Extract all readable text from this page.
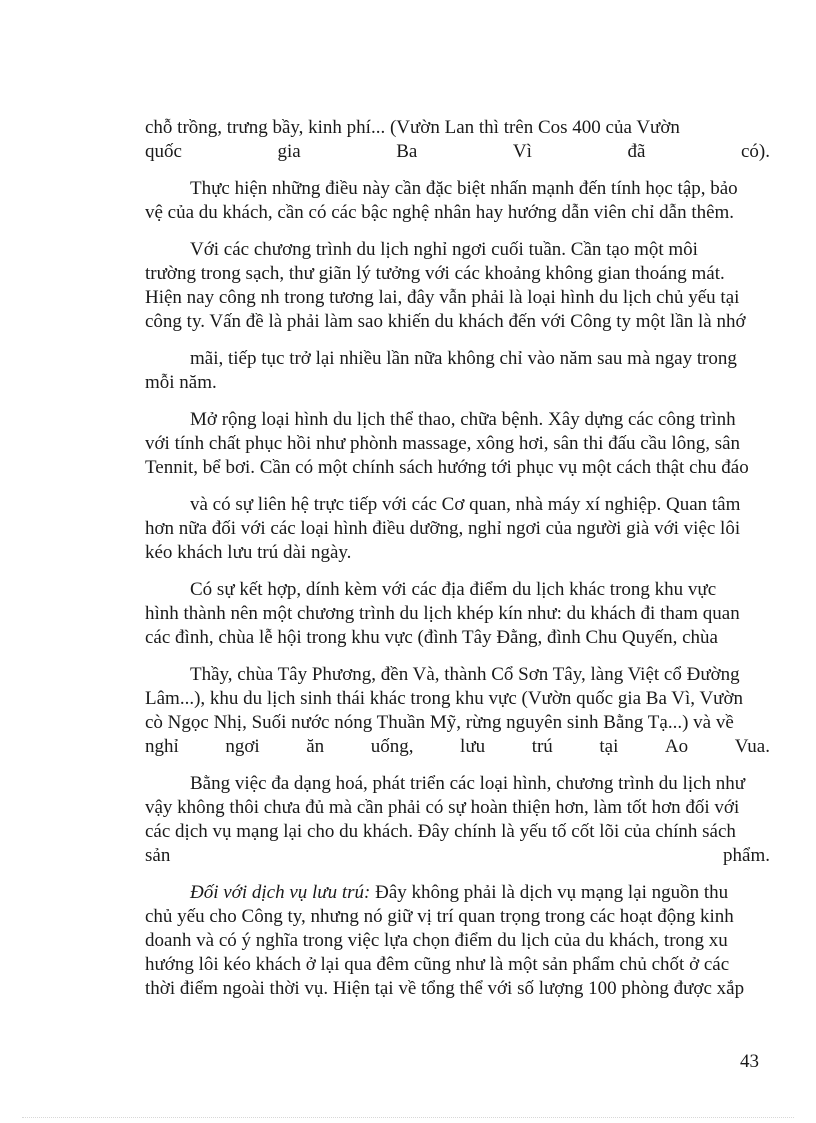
chỗ trồng, trưng bầy, kinh phí... (Vườn Lan thì trên Cos 400 của Vườn
quốc	gia	Ba	Vì	đã	có).
Thực hiện những điều này cần đặc biệt nhấn mạnh đến tính học tập, bảo
vệ của du khách, cần có các bậc nghệ nhân hay hướng dẫn viên chỉ dẫn thêm.
Với các chương trình du lịch nghỉ ngơi cuối tuần. Cần tạo một môi
trường trong sạch, thư giãn lý tưởng với các khoảng không gian thoáng mát.
Hiện nay công nh trong tương lai, đây vẫn phải là loại hình du lịch chủ yếu tại
công ty. Vấn đề là phải làm sao khiến du khách đến với Công ty một lần là nhớ
mãi, tiếp tục trở lại nhiều lần nữa không chỉ vào năm sau mà ngay trong
mỗi năm.
Mở rộng loại hình du lịch thể thao, chữa bệnh. Xây dựng các công trình
với tính chất phục hồi như phònh massage, xông hơi, sân thi đấu cầu lông, sân
Tennit, bể bơi. Cần có một chính sách hướng tới phục vụ một cách thật chu đáo
và có sự liên hệ trực tiếp với các Cơ quan, nhà máy xí nghiệp. Quan tâm
hơn nữa đối với các loại hình điều dưỡng, nghỉ ngơi của người già với việc lôi
kéo khách lưu trú dài ngày.
Có sự kết hợp, dính kèm với các địa điểm du lịch khác trong khu vực
hình thành nên một chương trình du lịch khép kín như: du khách đi tham quan
các đình, chùa lễ hội trong khu vực (đình Tây Đằng, đình Chu Quyến, chùa
Thầy, chùa Tây Phương, đền Và, thành Cổ Sơn Tây, làng Việt cổ Đường
Lâm...), khu du lịch sinh thái khác trong khu vực (Vườn quốc gia Ba Vì, Vườn
cò Ngọc Nhị, Suối nước nóng Thuần Mỹ, rừng nguyên sinh Bằng Tạ...) và về
nghỉ ngơi ăn uống, lưu trú tại Ao Vua.
Bằng việc đa dạng hoá, phát triển các loại hình, chương trình du lịch như
vậy không thôi chưa đủ mà cần phải có sự hoàn thiện hơn, làm tốt hơn đối với
các dịch vụ mạng lại cho du khách. Đây chính là yếu tố cốt lõi của chính sách
sản	phẩm.
Đối với dịch vụ lưu trú: Đây không phải là dịch vụ mạng lại nguồn thu
chủ yếu cho Công ty, nhưng nó giữ vị trí quan trọng trong các hoạt động kinh
doanh và có ý nghĩa trong việc lựa chọn điểm du lịch của du khách, trong xu
hướng lôi kéo khách ở lại qua đêm cũng như là một sản phẩm chủ chốt ở các
thời điểm ngoài thời vụ. Hiện tại về tổng thể với số lượng 100 phòng được xắp
43
